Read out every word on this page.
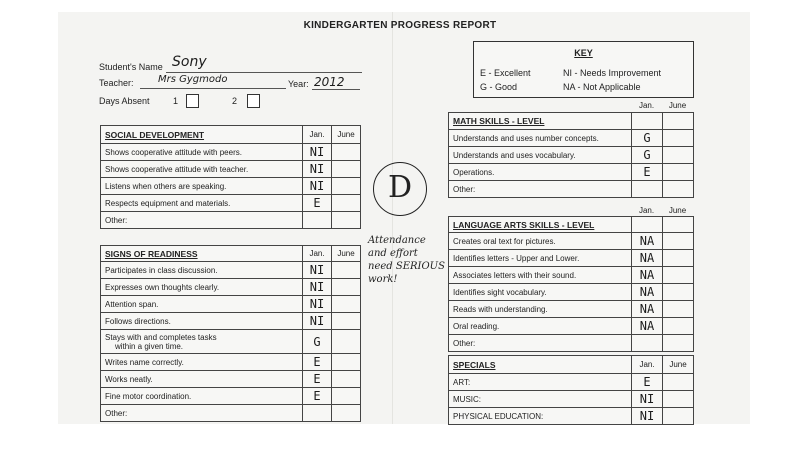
KINDERGARTEN PROGRESS REPORT
Student's Name Sony
Teacher: Mrs Gygmodo	Year: 2012
Days Absent	1	2
KEY
E - Excellent	NI - Needs Improvement
G - Good	NA - Not Applicable
SOCIAL DEVELOPMENT	Jan.	June
Shows cooperative attitude with peers.	NI	
Shows cooperative attitude with teacher.	NI	
Listens when others are speaking.	NI	
Respects equipment and materials.	E	
Other:		
SIGNS OF READINESS	Jan.	June
Participates in class discussion.	NI	
Expresses own thoughts clearly.	NI	
Attention span.	NI	
Follows directions.	NI	

Stays with and completes tasks
within a given time.	G	
Writes name correctly.	E	
Works neatly.	E	
Fine motor coordination.	E	
Other:		
D
Attendance
and effort
need SERIOUS
work!
Jan.	June
MATH SKILLS - LEVEL		
Understands and uses number concepts.	G	
Understands and uses vocabulary.	G	
Operations.	E	
Other:		
Jan.	June
LANGUAGE ARTS SKILLS - LEVEL		
Creates oral text for pictures.	NA	
Identifies letters - Upper and Lower.	NA	
Associates letters with their sound.	NA	
Identifies sight vocabulary.	NA	
Reads with understanding.	NA	
Oral reading.	NA	
Other:		
SPECIALS	Jan.	June
ART:	E	
MUSIC:	NI	
PHYSICAL EDUCATION:	NI	
